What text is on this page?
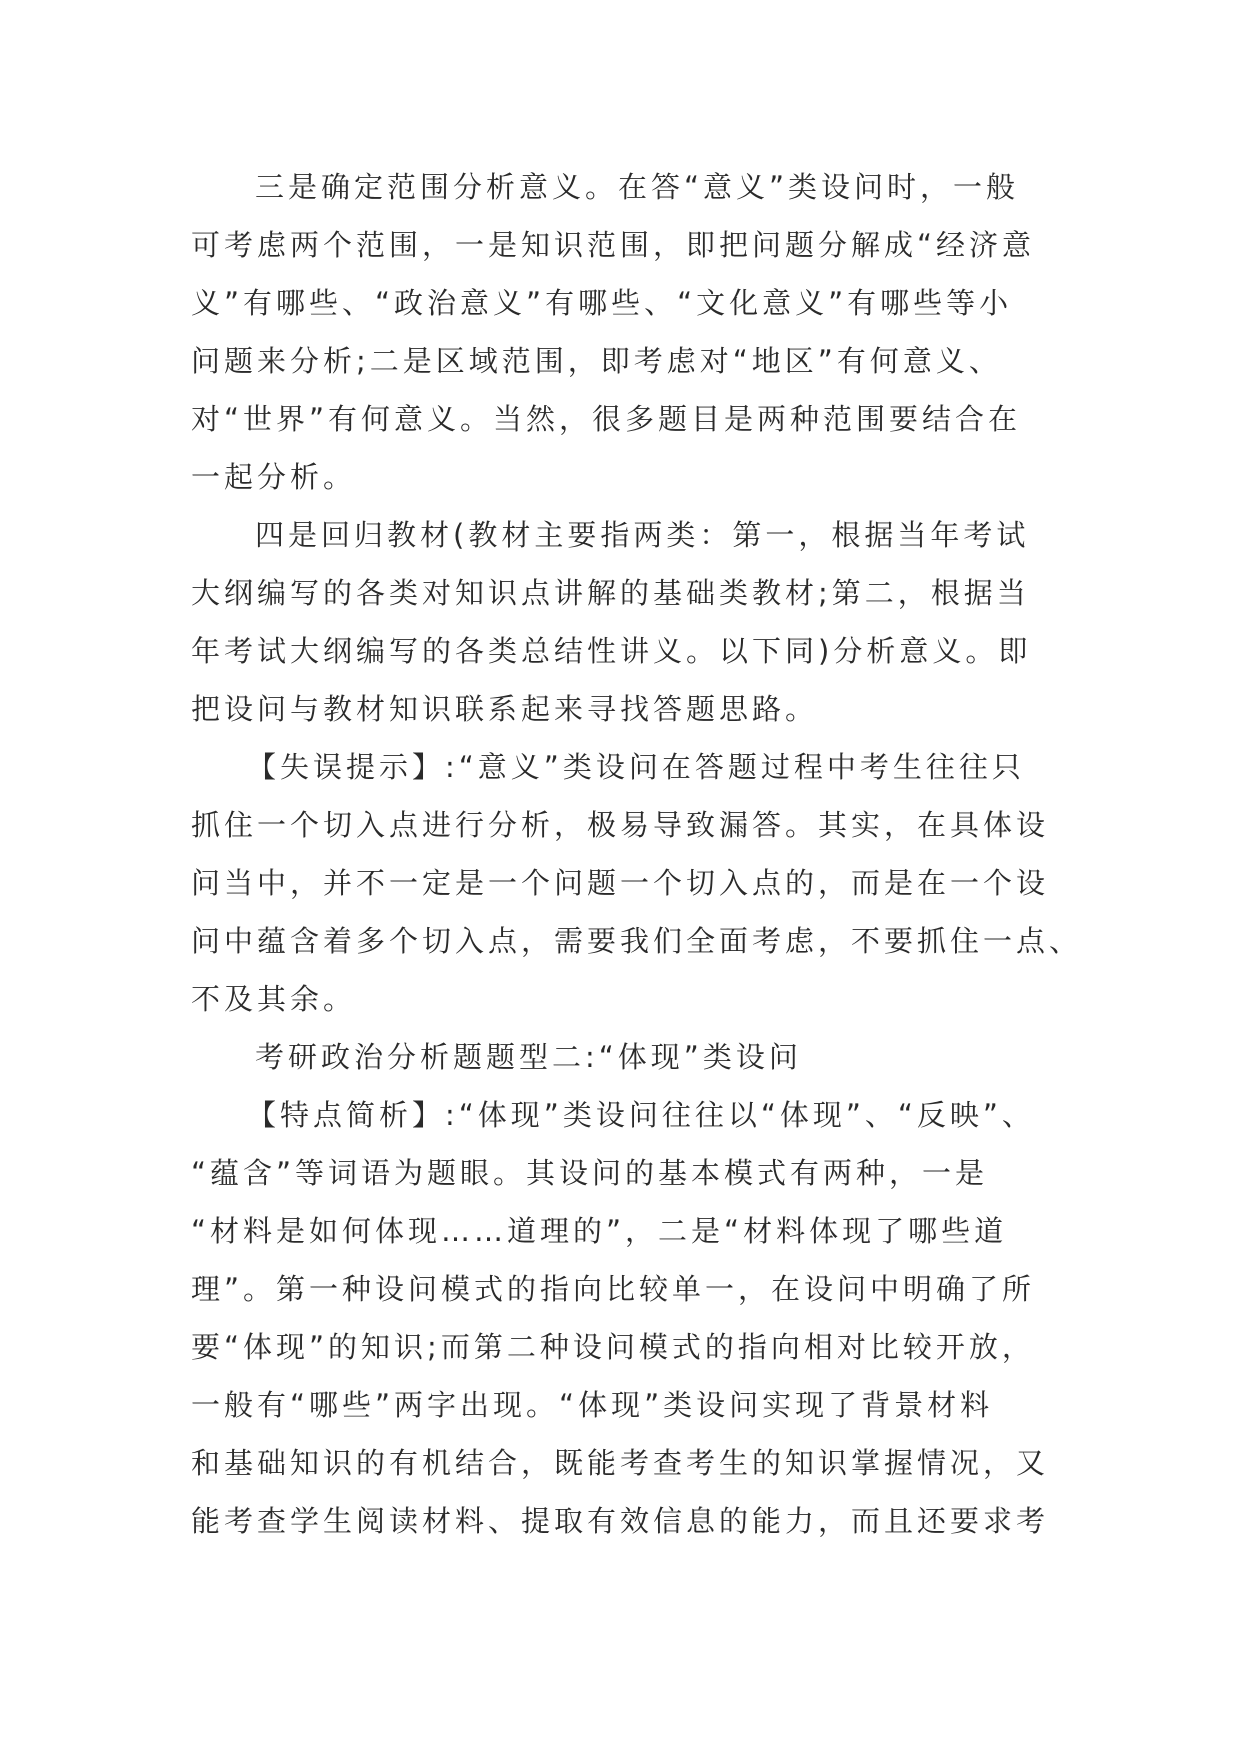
三是确定范围分析意义。在答“意义”类设问时，一般
可考虑两个范围，一是知识范围，即把问题分解成“经济意
义”有哪些、“政治意义”有哪些、“文化意义”有哪些等小
问题来分析;二是区域范围，即考虑对“地区”有何意义、
对“世界”有何意义。当然，很多题目是两种范围要结合在
一起分析。
四是回归教材(教材主要指两类：第一，根据当年考试
大纲编写的各类对知识点讲解的基础类教材;第二，根据当
年考试大纲编写的各类总结性讲义。以下同)分析意义。即
把设问与教材知识联系起来寻找答题思路。
【失误提示】:“意义”类设问在答题过程中考生往往只
抓住一个切入点进行分析，极易导致漏答。其实，在具体设
问当中，并不一定是一个问题一个切入点的，而是在一个设
问中蕴含着多个切入点，需要我们全面考虑，不要抓住一点、
不及其余。
考研政治分析题题型二:“体现”类设问
【特点简析】:“体现”类设问往往以“体现”、“反映”、
“蕴含”等词语为题眼。其设问的基本模式有两种，一是
“材料是如何体现……道理的”，二是“材料体现了哪些道
理”。第一种设问模式的指向比较单一，在设问中明确了所
要“体现”的知识;而第二种设问模式的指向相对比较开放，
一般有“哪些”两字出现。“体现”类设问实现了背景材料
和基础知识的有机结合，既能考查考生的知识掌握情况，又
能考查学生阅读材料、提取有效信息的能力，而且还要求考
